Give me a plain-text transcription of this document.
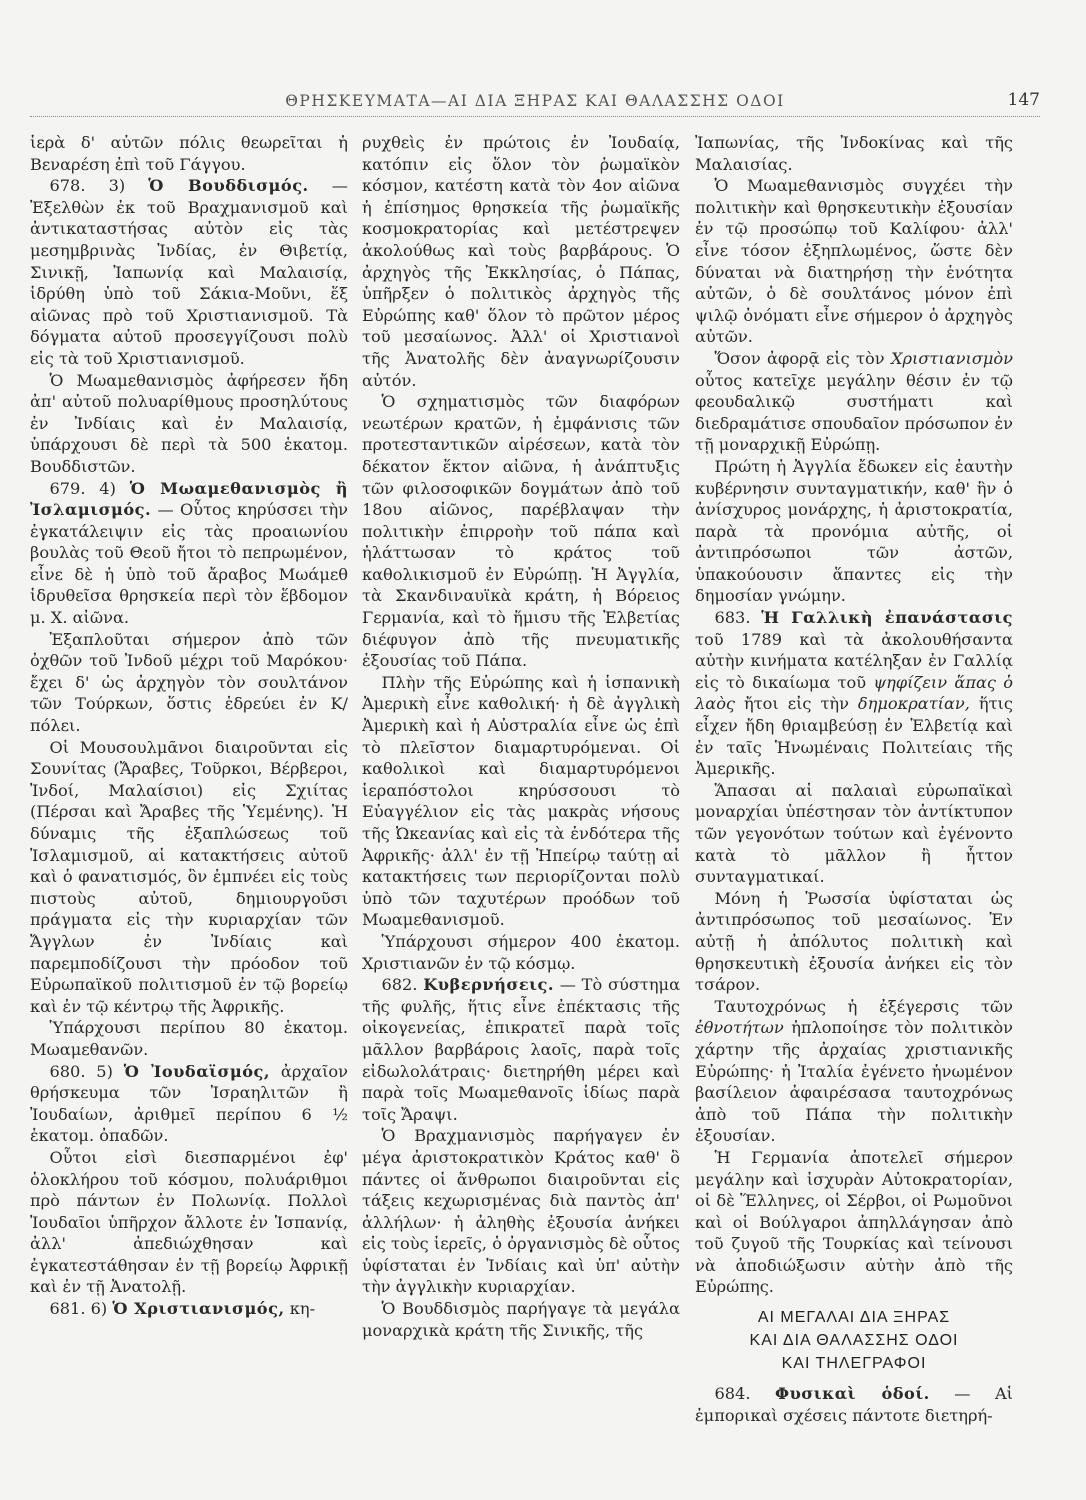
ΘΡΗΣΚΕΥΜΑΤΑ—ΑΙ ΔΙΑ ΞΗΡΑΣ ΚΑΙ ΘΑΛΑΣΣΗΣ ΟΔΟΙ	147

ἱερὰ δ' αὐτῶν πόλις θεωρεῖται ἡ Βεναρέση ἐπὶ τοῦ Γάγγου.

678. 3) Ὁ Βουδδισμός. — Ἐξελθὼν ἐκ τοῦ Βραχμανισμοῦ καὶ ἀντικαταστήσας αὐτὸν εἰς τὰς μεσημβρινὰς Ἰνδίας, ἐν Θιβετίᾳ, Σινικῇ, Ἰαπωνίᾳ καὶ Μαλαισίᾳ, ἱδρύθη ὑπὸ τοῦ Σάκια-Μοῦνι, ἕξ αἰῶνας πρὸ τοῦ Χριστιανισμοῦ. Τὰ δόγματα αὐτοῦ προσεγγίζουσι πολὺ εἰς τὰ τοῦ Χριστιανισμοῦ.

Ὁ Μωαμεθανισμὸς ἀφήρεσεν ἤδη ἀπ' αὐτοῦ πολυαρίθμους προσηλύτους ἐν Ἰνδίαις καὶ ἐν Μαλαισίᾳ, ὑπάρχουσι δὲ περὶ τὰ 500 ἑκατομ. Βουδδιστῶν.

679. 4) Ὁ Μωαμεθανισμὸς ἢ Ἰσλαμισμός. — Οὗτος κηρύσσει τὴν ἐγκατάλειψιν εἰς τὰς προαιωνίου βουλὰς τοῦ Θεοῦ ἤτοι τὸ πεπρωμένον, εἶνε δὲ ἡ ὑπὸ τοῦ ἄραβος Μωάμεθ ἱδρυθεῖσα θρησκεία περὶ τὸν ἕβδομον μ. Χ. αἰῶνα.

Ἐξαπλοῦται σήμερον ἀπὸ τῶν ὀχθῶν τοῦ Ἰνδοῦ μέχρι τοῦ Μαρόκου· ἔχει δ' ὡς ἀρχηγὸν τὸν σουλτάνον τῶν Τούρκων, ὅστις ἑδρεύει ἐν Κ/πόλει.

Οἱ Μουσουλμᾶνοι διαιροῦνται εἰς Σουνίτας (Ἄραβες, Τοῦρκοι, Βέρβεροι, Ἰνδοί, Μαλαίσιοι) εἰς Σχιίτας (Πέρσαι καὶ Ἄραβες τῆς Ὑεμένης). Ἡ δύναμις τῆς ἐξαπλώσεως τοῦ Ἰσλαμισμοῦ, αἱ κατακτήσεις αὐτοῦ καὶ ὁ φανατισμός, ὃν ἐμπνέει εἰς τοὺς πιστοὺς αὐτοῦ, δημιουργοῦσι πράγματα εἰς τὴν κυριαρχίαν τῶν Ἄγγλων ἐν Ἰνδίαις καὶ παρεμποδίζουσι τὴν πρόοδον τοῦ Εὐρωπαϊκοῦ πολιτισμοῦ ἐν τῷ βορείῳ καὶ ἐν τῷ κέντρῳ τῆς Ἀφρικῆς.

Ὑπάρχουσι περίπου 80 ἑκατομ. Μωαμεθανῶν.

680. 5) Ὁ Ἰουδαϊσμός, ἀρχαῖον θρήσκευμα τῶν Ἰσραηλιτῶν ἢ Ἰουδαίων, ἀριθμεῖ περίπου 6 ½ ἑκατομ. ὀπαδῶν.

Οὗτοι εἰσὶ διεσπαρμένοι ἐφ' ὁλοκλήρου τοῦ κόσμου, πολυάριθμοι πρὸ πάντων ἐν Πολωνίᾳ. Πολλοὶ Ἰουδαῖοι ὑπῆρχον ἄλλοτε ἐν Ἱσπανίᾳ, ἀλλ' ἀπεδιώχθησαν καὶ ἐγκατεστάθησαν ἐν τῇ βορείῳ Ἀφρικῇ καὶ ἐν τῇ Ἀνατολῇ.

681. 6) Ὁ Χριστιανισμός, κη-

ρυχθεὶς ἐν πρώτοις ἐν Ἰουδαίᾳ, κατόπιν εἰς ὅλον τὸν ῥωμαϊκὸν κόσμον, κατέστη κατὰ τὸν 4ον αἰῶνα ἡ ἐπίσημος θρησκεία τῆς ῥωμαϊκῆς κοσμοκρατορίας καὶ μετέστρεψεν ἀκολούθως καὶ τοὺς βαρβάρους. Ὁ ἀρχηγὸς τῆς Ἐκκλησίας, ὁ Πάπας, ὑπῆρξεν ὁ πολιτικὸς ἀρχηγὸς τῆς Εὐρώπης καθ' ὅλον τὸ πρῶτον μέρος τοῦ μεσαίωνος. Ἀλλ' οἱ Χριστιανοὶ τῆς Ἀνατολῆς δὲν ἀναγνωρίζουσιν αὐτόν.

Ὁ σχηματισμὸς τῶν διαφόρων νεωτέρων κρατῶν, ἡ ἐμφάνισις τῶν προτεσταντικῶν αἱρέσεων, κατὰ τὸν δέκατον ἕκτον αἰῶνα, ἡ ἀνάπτυξις τῶν φιλοσοφικῶν δογμάτων ἀπὸ τοῦ 18ου αἰῶνος, παρέβλαψαν τὴν πολιτικὴν ἐπιρροὴν τοῦ πάπα καὶ ἠλάττωσαν τὸ κράτος τοῦ καθολικισμοῦ ἐν Εὐρώπῃ. Ἡ Ἀγγλία, τὰ Σκανδιναυϊκὰ κράτη, ἡ Βόρειος Γερμανία, καὶ τὸ ἥμισυ τῆς Ἑλβετίας διέφυγον ἀπὸ τῆς πνευματικῆς ἐξουσίας τοῦ Πάπα.

Πλὴν τῆς Εὐρώπης καὶ ἡ ἱσπανικὴ Ἀμερικὴ εἶνε καθολική· ἡ δὲ ἀγγλικὴ Ἀμερικὴ καὶ ἡ Αὐστραλία εἶνε ὡς ἐπὶ τὸ πλεῖστον διαμαρτυρόμεναι. Οἱ καθολικοὶ καὶ διαμαρτυρόμενοι ἱεραπόστολοι κηρύσσουσι τὸ Εὐαγγέλιον εἰς τὰς μακρὰς νήσους τῆς Ὠκεανίας καὶ εἰς τὰ ἐνδότερα τῆς Ἀφρικῆς· ἀλλ' ἐν τῇ Ἠπείρῳ ταύτῃ αἱ κατακτήσεις των περιορίζονται πολὺ ὑπὸ τῶν ταχυτέρων προόδων τοῦ Μωαμεθανισμοῦ.

Ὑπάρχουσι σήμερον 400 ἑκατομ. Χριστιανῶν ἐν τῷ κόσμῳ.

682. Κυβερνήσεις. — Τὸ σύστημα τῆς φυλῆς, ἥτις εἶνε ἐπέκτασις τῆς οἰκογενείας, ἐπικρατεῖ παρὰ τοῖς μᾶλλον βαρβάροις λαοῖς, παρὰ τοῖς εἰδωλολάτραις· διετηρήθη μέρει καὶ παρὰ τοῖς Μωαμεθανοῖς ἰδίως παρὰ τοῖς Ἄραψι.

Ὁ Βραχμανισμὸς παρήγαγεν ἐν μέγα ἀριστοκρατικὸν Κράτος καθ' ὃ πάντες οἱ ἄνθρωποι διαιροῦνται εἰς τάξεις κεχωρισμένας διὰ παντὸς ἀπ' ἀλλήλων· ἡ ἀληθὴς ἐξουσία ἀνήκει εἰς τοὺς ἱερεῖς, ὁ ὀργανισμὸς δὲ οὗτος ὑφίσταται ἐν Ἰνδίαις καὶ ὑπ' αὐτὴν τὴν ἀγγλικὴν κυριαρχίαν.

Ὁ Βουδδισμὸς παρήγαγε τὰ μεγάλα μοναρχικὰ κράτη τῆς Σινικῆς, τῆς

Ἰαπωνίας, τῆς Ἰνδοκίνας καὶ τῆς Μαλαισίας.

Ὁ Μωαμεθανισμὸς συγχέει τὴν πολιτικὴν καὶ θρησκευτικὴν ἐξουσίαν ἐν τῷ προσώπῳ τοῦ Καλίφου· ἀλλ' εἶνε τόσον ἐξηπλωμένος, ὥστε δὲν δύναται νὰ διατηρήσῃ τὴν ἑνότητα αὐτῶν, ὁ δὲ σουλτάνος μόνον ἐπὶ ψιλῷ ὀνόματι εἶνε σήμερον ὁ ἀρχηγὸς αὐτῶν.

Ὅσον ἀφορᾷ εἰς τὸν Χριστιανισμὸν οὗτος κατεῖχε μεγάλην θέσιν ἐν τῷ φεουδαλικῷ συστήματι καὶ διεδραμάτισε σπουδαῖον πρόσωπον ἐν τῇ μοναρχικῇ Εὐρώπῃ.

Πρώτη ἡ Ἀγγλία ἔδωκεν εἰς ἑαυτὴν κυβέρνησιν συνταγματικήν, καθ' ἣν ὁ ἀνίσχυρος μονάρχης, ἡ ἀριστοκρατία, παρὰ τὰ προνόμια αὐτῆς, οἱ ἀντιπρόσωποι τῶν ἀστῶν, ὑπακούουσιν ἅπαντες εἰς τὴν δημοσίαν γνώμην.

683. Ἡ Γαλλικὴ ἐπανάστασις τοῦ 1789 καὶ τὰ ἀκολουθήσαντα αὐτὴν κινήματα κατέληξαν ἐν Γαλλίᾳ εἰς τὸ δικαίωμα τοῦ ψηφίζειν ἅπας ὁ λαὸς ἤτοι εἰς τὴν δημοκρατίαν, ἥτις εἶχεν ἤδη θριαμβεύσῃ ἐν Ἑλβετίᾳ καὶ ἐν ταῖς Ἡνωμέναις Πολιτείαις τῆς Ἀμερικῆς.

Ἅπασαι αἱ παλαιαὶ εὐρωπαϊκαὶ μοναρχίαι ὑπέστησαν τὸν ἀντίκτυπον τῶν γεγονότων τούτων καὶ ἐγένοντο κατὰ τὸ μᾶλλον ἢ ἧττον συνταγματικαί.

Μόνη ἡ Ῥωσσία ὑφίσταται ὡς ἀντιπρόσωπος τοῦ μεσαίωνος. Ἐν αὐτῇ ἡ ἀπόλυτος πολιτικὴ καὶ θρησκευτικὴ ἐξουσία ἀνήκει εἰς τὸν τσάρον.

Ταυτοχρόνως ἡ ἐξέγερσις τῶν ἐθνοτήτων ἡπλοποίησε τὸν πολιτικὸν χάρτην τῆς ἀρχαίας χριστιανικῆς Εὐρώπης· ἡ Ἰταλία ἐγένετο ἡνωμένον βασίλειον ἀφαιρέσασα ταυτοχρόνως ἀπὸ τοῦ Πάπα τὴν πολιτικὴν ἐξουσίαν.

Ἡ Γερμανία ἀποτελεῖ σήμερον μεγάλην καὶ ἰσχυρὰν Αὐτοκρατορίαν, οἱ δὲ Ἕλληνες, οἱ Σέρβοι, οἱ Ρωμοῦνοι καὶ οἱ Βούλγαροι ἀπηλλάγησαν ἀπὸ τοῦ ζυγοῦ τῆς Τουρκίας καὶ τείνουσι νὰ ἀποδιώξωσιν αὐτὴν ἀπὸ τῆς Εὐρώπης.

ΑΙ ΜΕΓΑΛΑΙ ΔΙΑ ΞΗΡΑΣ
ΚΑΙ ΔΙΑ ΘΑΛΑΣΣΗΣ ΟΔΟΙ
ΚΑΙ ΤΗΛΕΓΡΑΦΟΙ

684. Φυσικαὶ ὁδοί. — Αἱ ἐμπορικαὶ σχέσεις πάντοτε διετηρή-
